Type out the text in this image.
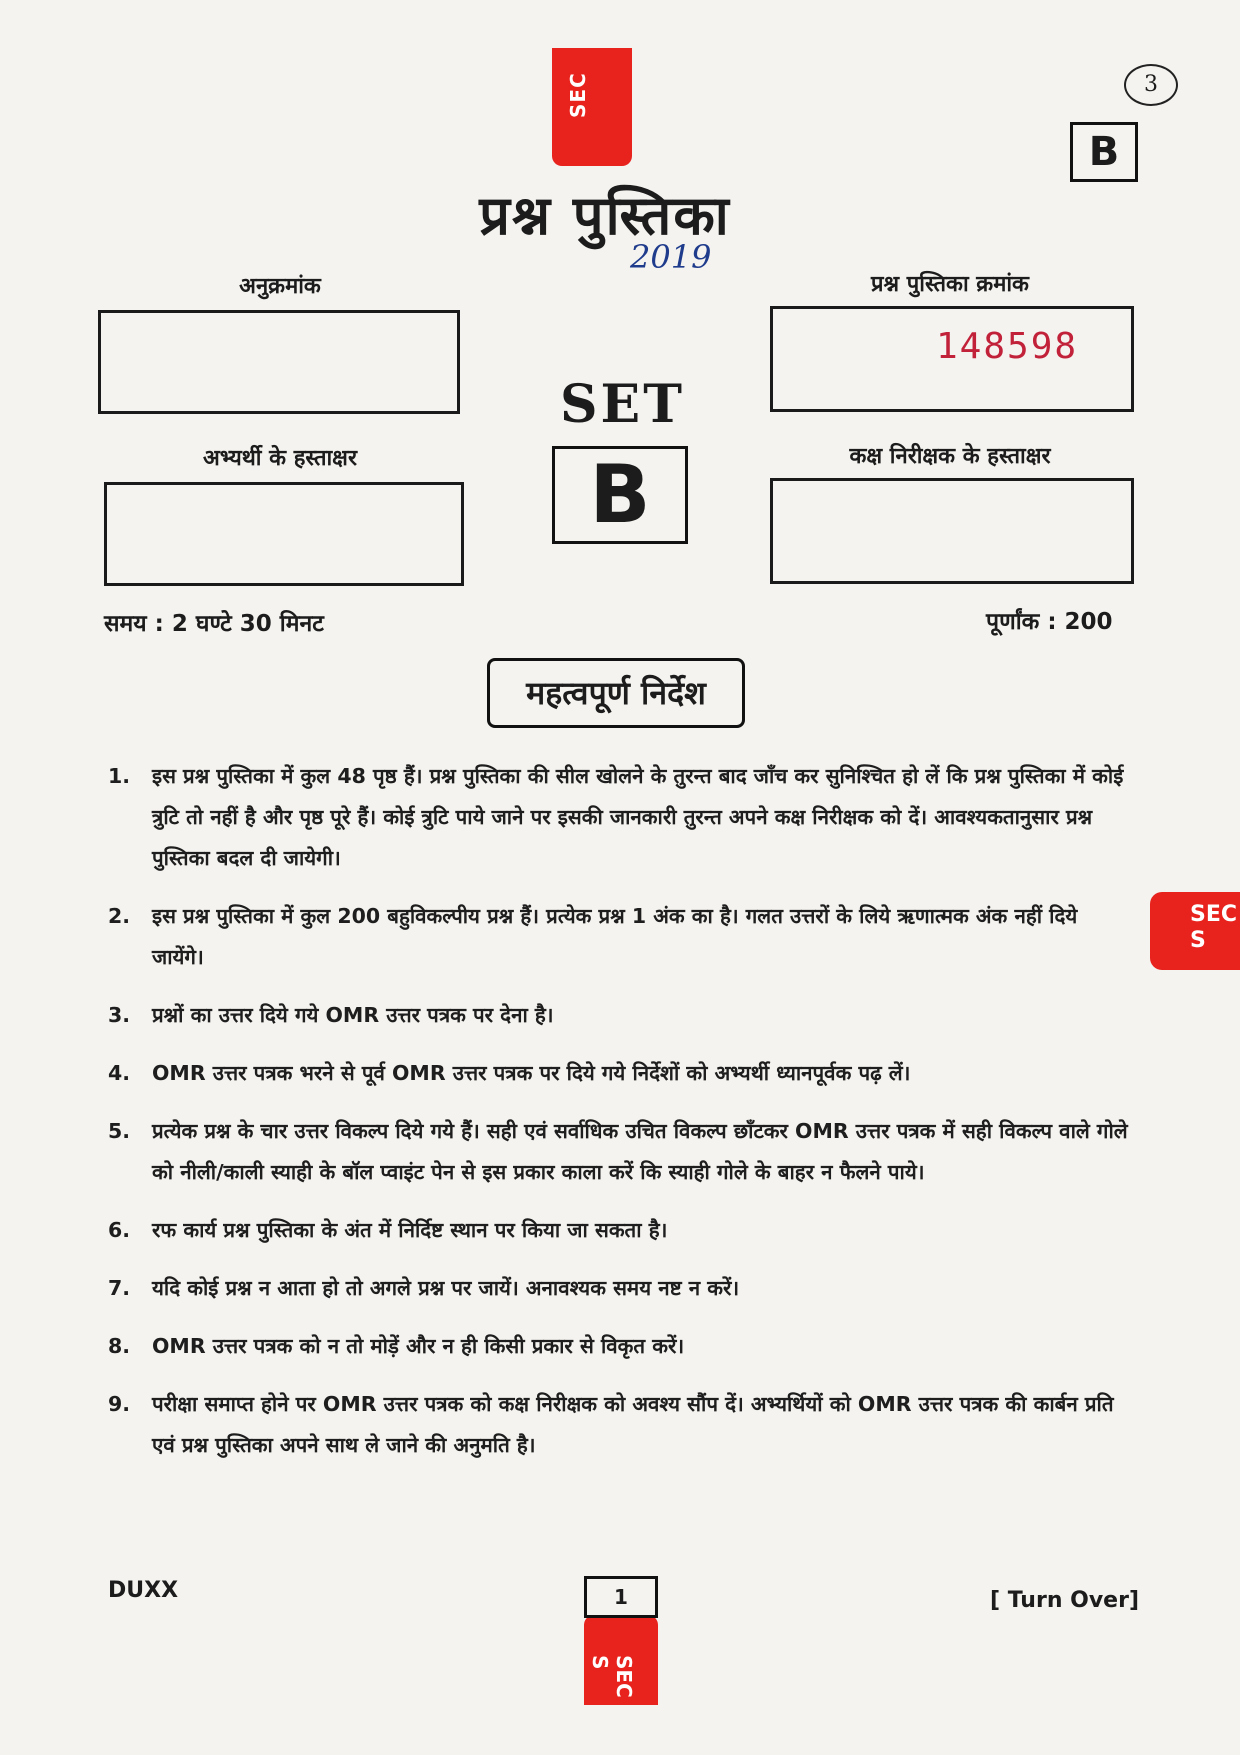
SEC
SEC S
3
B
प्रश्न पुस्तिका
2019
अनुक्रमांक	प्रश्न पुस्तिका क्रमांक
148598
SET
B
अभ्यर्थी के हस्ताक्षर	कक्ष निरीक्षक के हस्ताक्षर
समय : 2 घण्टे 30 मिनट	पूर्णांक : 200
महत्वपूर्ण निर्देश
1.	इस प्रश्न पुस्तिका में कुल 48 पृष्ठ हैं। प्रश्न पुस्तिका की सील खोलने के तुरन्त बाद जाँच कर सुनिश्चित हो लें कि प्रश्न पुस्तिका में कोई त्रुटि तो नहीं है और पृष्ठ पूरे हैं। कोई त्रुटि पाये जाने पर इसकी जानकारी तुरन्त अपने कक्ष निरीक्षक को दें। आवश्यकतानुसार प्रश्न पुस्तिका बदल दी जायेगी।
2.	इस प्रश्न पुस्तिका में कुल 200 बहुविकल्पीय प्रश्न हैं। प्रत्येक प्रश्न 1 अंक का है। गलत उत्तरों के लिये ऋणात्मक अंक नहीं दिये जायेंगे।
3.	प्रश्नों का उत्तर दिये गये OMR उत्तर पत्रक पर देना है।
4.	OMR उत्तर पत्रक भरने से पूर्व OMR उत्तर पत्रक पर दिये गये निर्देशों को अभ्यर्थी ध्यानपूर्वक पढ़ लें।
5.	प्रत्येक प्रश्न के चार उत्तर विकल्प दिये गये हैं। सही एवं सर्वाधिक उचित विकल्प छाँटकर OMR उत्तर पत्रक में सही विकल्प वाले गोले को नीली/काली स्याही के बॉल प्वाइंट पेन से इस प्रकार काला करें कि स्याही गोले के बाहर न फैलने पाये।
6.	रफ कार्य प्रश्न पुस्तिका के अंत में निर्दिष्ट स्थान पर किया जा सकता है।
7.	यदि कोई प्रश्न न आता हो तो अगले प्रश्न पर जायें। अनावश्यक समय नष्ट न करें।
8.	OMR उत्तर पत्रक को न तो मोड़ें और न ही किसी प्रकार से विकृत करें।
9.	परीक्षा समाप्त होने पर OMR उत्तर पत्रक को कक्ष निरीक्षक को अवश्य सौंप दें। अभ्यर्थियों को OMR उत्तर पत्रक की कार्बन प्रति एवं प्रश्न पुस्तिका अपने साथ ले जाने की अनुमति है।
SEC S
DUXX	1	[ Turn Over]
